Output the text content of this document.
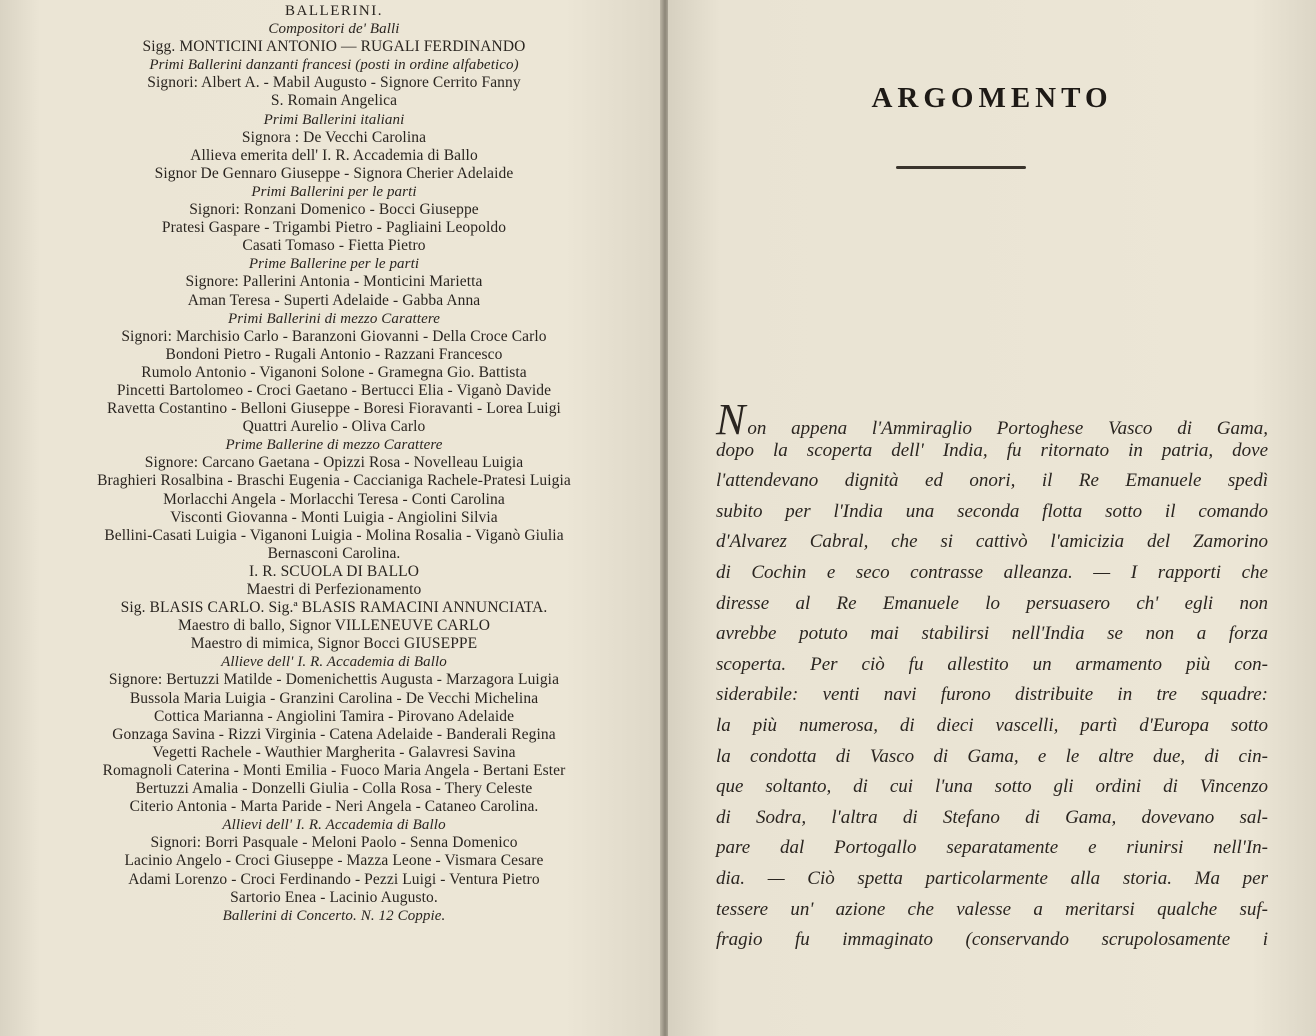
BALLERINI.
Compositori de' Balli
Sigg. MONTICINI ANTONIO — RUGALI FERDINANDO
Primi Ballerini danzanti francesi (posti in ordine alfabetico)
Signori: Albert A. - Mabil Augusto - Signore Cerrito Fanny
S. Romain Angelica
Primi Ballerini italiani
Signora : De Vecchi Carolina
Allieva emerita dell' I. R. Accademia di Ballo
Signor De Gennaro Giuseppe - Signora Cherier Adelaide
Primi Ballerini per le parti
Signori: Ronzani Domenico - Bocci Giuseppe
Pratesi Gaspare - Trigambi Pietro - Pagliaini Leopoldo
Casati Tomaso - Fietta Pietro
Prime Ballerine per le parti
Signore: Pallerini Antonia - Monticini Marietta
Aman Teresa - Superti Adelaide - Gabba Anna
Primi Ballerini di mezzo Carattere
Signori: Marchisio Carlo - Baranzoni Giovanni - Della Croce Carlo
Bondoni Pietro - Rugali Antonio - Razzani Francesco
Rumolo Antonio - Viganoni Solone - Gramegna Gio. Battista
Pincetti Bartolomeo - Croci Gaetano - Bertucci Elia - Viganò Davide
Ravetta Costantino - Belloni Giuseppe - Boresi Fioravanti - Lorea Luigi
Quattri Aurelio - Oliva Carlo
Prime Ballerine di mezzo Carattere
Signore: Carcano Gaetana - Opizzi Rosa - Novelleau Luigia
Braghieri Rosalbina - Braschi Eugenia - Caccianiga Rachele-Pratesi Luigia
Morlacchi Angela - Morlacchi Teresa - Conti Carolina
Visconti Giovanna - Monti Luigia - Angiolini Silvia
Bellini-Casati Luigia - Viganoni Luigia - Molina Rosalia - Viganò Giulia
Bernasconi Carolina.
I. R. SCUOLA DI BALLO
Maestri di Perfezionamento
Sig. BLASIS CARLO. Sig.ª BLASIS RAMACINI ANNUNCIATA.
Maestro di ballo, Signor VILLENEUVE CARLO
Maestro di mimica, Signor Bocci GIUSEPPE
Allieve dell' I. R. Accademia di Ballo
Signore: Bertuzzi Matilde - Domenichettis Augusta - Marzagora Luigia
Bussola Maria Luigia - Granzini Carolina - De Vecchi Michelina
Cottica Marianna - Angiolini Tamira - Pirovano Adelaide
Gonzaga Savina - Rizzi Virginia - Catena Adelaide - Banderali Regina
Vegetti Rachele - Wauthier Margherita - Galavresi Savina
Romagnoli Caterina - Monti Emilia - Fuoco Maria Angela - Bertani Ester
Bertuzzi Amalia - Donzelli Giulia - Colla Rosa - Thery Celeste
Citerio Antonia - Marta Paride - Neri Angela - Cataneo Carolina.
Allievi dell' I. R. Accademia di Ballo
Signori: Borri Pasquale - Meloni Paolo - Senna Domenico
Lacinio Angelo - Croci Giuseppe - Mazza Leone - Vismara Cesare
Adami Lorenzo - Croci Ferdinando - Pezzi Luigi - Ventura Pietro
Sartorio Enea - Lacinio Augusto.
Ballerini di Concerto. N. 12 Coppie.
ARGOMENTO
Non appena l'Ammiraglio Portoghese Vasco di Gama,
dopo la scoperta dell' India, fu ritornato in patria, dove
l'attendevano dignità ed onori, il Re Emanuele spedì
subito per l'India una seconda flotta sotto il comando
d'Alvarez Cabral, che si cattivò l'amicizia del Zamorino
di Cochin e seco contrasse alleanza. — I rapporti che
diresse al Re Emanuele lo persuasero ch' egli non
avrebbe potuto mai stabilirsi nell'India se non a forza
scoperta. Per ciò fu allestito un armamento più con-
siderabile: venti navi furono distribuite in tre squadre:
la più numerosa, di dieci vascelli, partì d'Europa sotto
la condotta di Vasco di Gama, e le altre due, di cin-
que soltanto, di cui l'una sotto gli ordini di Vincenzo
di Sodra, l'altra di Stefano di Gama, dovevano sal-
pare dal Portogallo separatamente e riunirsi nell'In-
dia. — Ciò spetta particolarmente alla storia. Ma per
tessere un' azione che valesse a meritarsi qualche suf-
fragio fu immaginato (conservando scrupolosamente i
